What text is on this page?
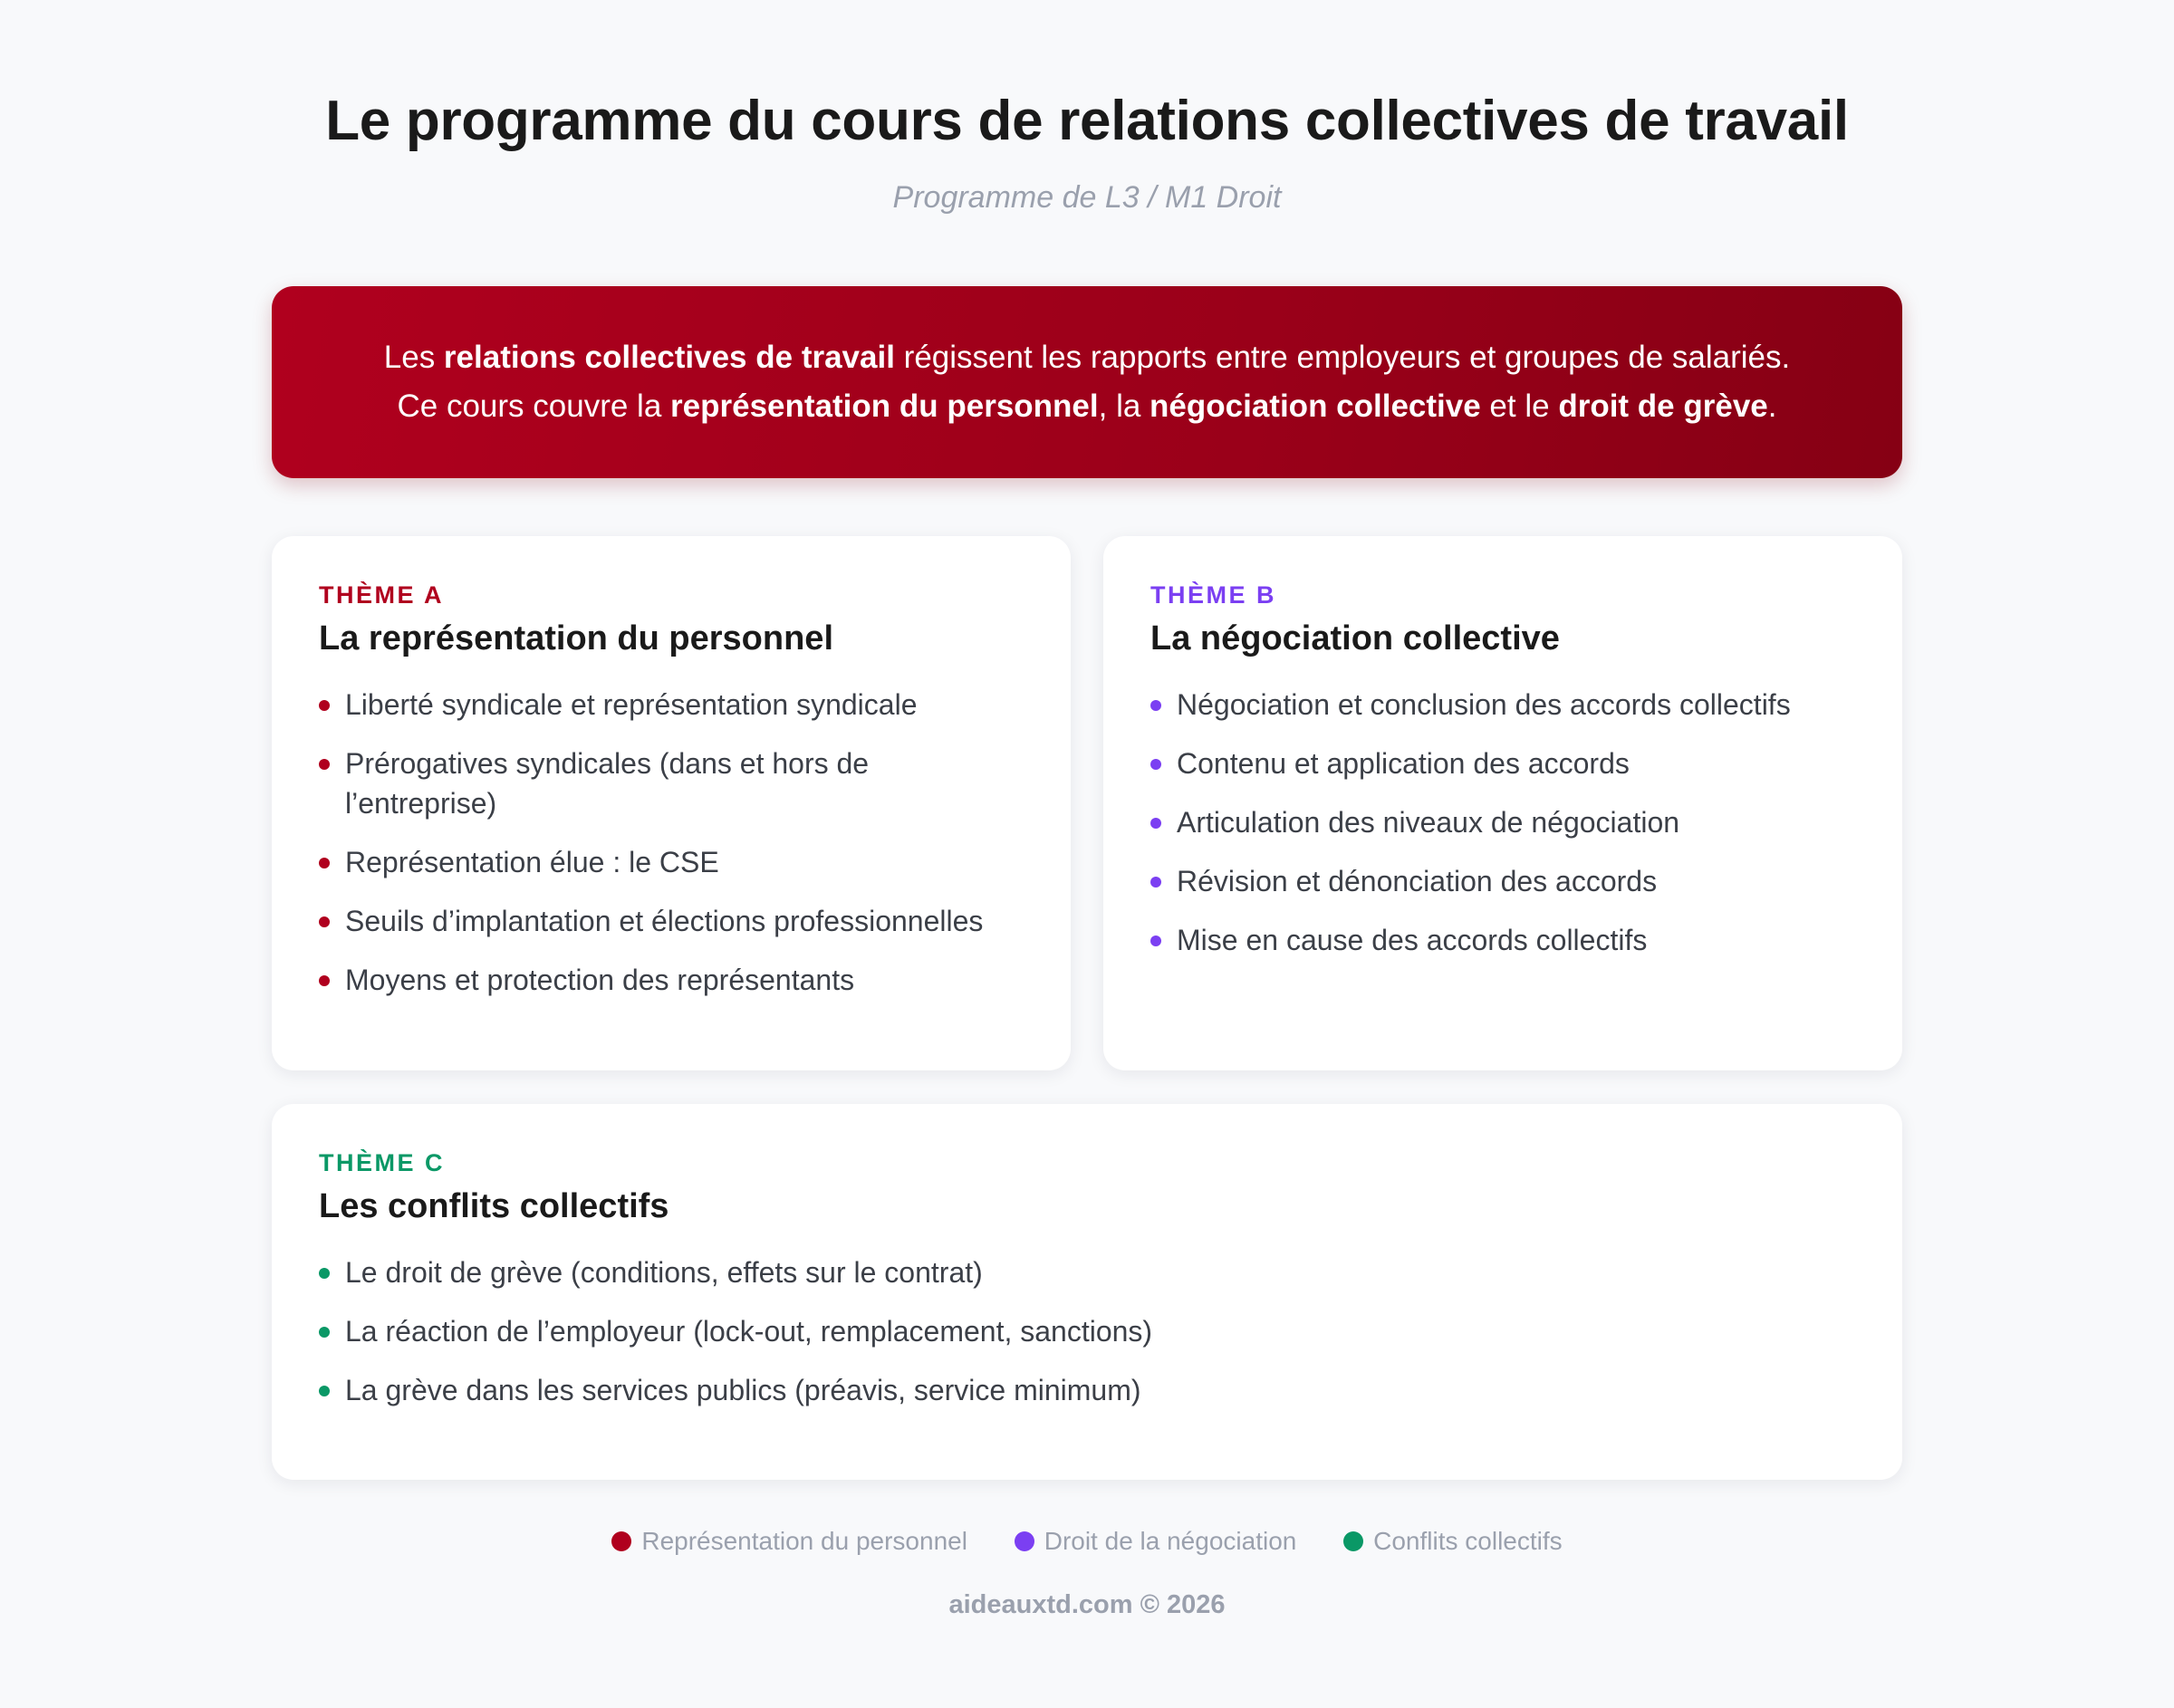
Le programme du cours de relations collectives de travail
Programme de L3 / M1 Droit
Les relations collectives de travail régissent les rapports entre employeurs et groupes de salariés.
Ce cours couvre la représentation du personnel, la négociation collective et le droit de grève.
THÈME A
La représentation du personnel
Liberté syndicale et représentation syndicale
Prérogatives syndicales (dans et hors de l’entreprise)
Représentation élue : le CSE
Seuils d’implantation et élections professionnelles
Moyens et protection des représentants
THÈME B
La négociation collective
Négociation et conclusion des accords collectifs
Contenu et application des accords
Articulation des niveaux de négociation
Révision et dénonciation des accords
Mise en cause des accords collectifs
THÈME C
Les conflits collectifs
Le droit de grève (conditions, effets sur le contrat)
La réaction de l’employeur (lock-out, remplacement, sanctions)
La grève dans les services publics (préavis, service minimum)
Représentation du personnel	Droit de la négociation	Conflits collectifs
aideauxtd.com © 2026
